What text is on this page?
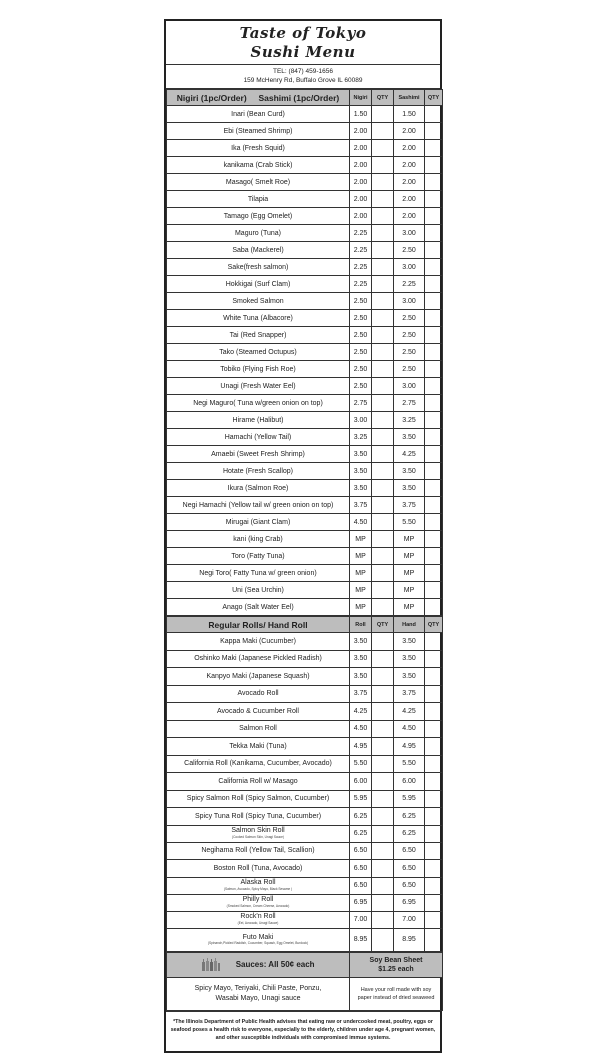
Taste of Tokyo
Sushi Menu
TEL: (847) 459-1656
159 McHenry Rd, Buffalo Grove IL 60089
Nigiri (1pc/Order) Sashimi (1pc/Order)	Nigiri	QTY	Sashimi	QTY
Inari (Bean Curd)	1.50		1.50	
Ebi (Steamed Shrimp)	2.00		2.00	
Ika (Fresh Squid)	2.00		2.00	
kanikama (Crab Stick)	2.00		2.00	
Masago( Smelt Roe)	2.00		2.00	
Tilapia	2.00		2.00	
Tamago (Egg Omelet)	2.00		2.00	
Maguro (Tuna)	2.25		3.00	
Saba (Mackerel)	2.25		2.50	
Sake(fresh salmon)	2.25		3.00	
Hokkigai (Surf Clam)	2.25		2.25	
Smoked Salmon	2.50		3.00	
White Tuna (Albacore)	2.50		2.50	
Tai (Red Snapper)	2.50		2.50	
Tako (Steamed Octupus)	2.50		2.50	
Tobiko (Flying Fish Roe)	2.50		2.50	
Unagi (Fresh Water Eel)	2.50		3.00	
Negi Maguro( Tuna w/green onion on top)	2.75		2.75	
Hirame (Halibut)	3.00		3.25	
Hamachi (Yellow Tail)	3.25		3.50	
Amaebi (Sweet Fresh Shrimp)	3.50		4.25	
Hotate (Fresh Scallop)	3.50		3.50	
Ikura (Salmon Roe)	3.50		3.50	
Negi Hamachi (Yellow tail w/ green onion on top)	3.75		3.75	
Mirugai (Giant Clam)	4.50		5.50	
kani (king Crab)	MP		MP	
Toro (Fatty Tuna)	MP		MP	
Negi Toro( Fatty Tuna w/ green onion)	MP		MP	
Uni (Sea Urchin)	MP		MP	
Anago (Salt Water Eel)	MP		MP	
Regular Rolls/ Hand Roll	Roll	QTY	Hand	QTY
Kappa Maki (Cucumber)	3.50		3.50	
Oshinko Maki (Japanese Pickled Radish)	3.50		3.50	
Kanpyo Maki (Japanese Squash)	3.50		3.50	
Avocado Roll	3.75		3.75	
Avocado & Cucumber Roll	4.25		4.25	
Salmon Roll	4.50		4.50	
Tekka Maki (Tuna)	4.95		4.95	
California Roll (Kanikama, Cucumber, Avocado)	5.50		5.50	
California Roll w/ Masago	6.00		6.00	
Spicy Salmon Roll (Spicy Salmon, Cucumber)	5.95		5.95	
Spicy Tuna Roll (Spicy Tuna, Cucumber)	6.25		6.25	
Salmon Skin Roll
(Cooked Salmon Skin, Unagi Sauce)	6.25		6.25	
Negihama Roll (Yellow Tail, Scallion)	6.50		6.50	
Boston Roll (Tuna, Avocado)	6.50		6.50	
Alaska Roll
(Salmon, Avocado, Spicy Mayo, Black Sesame )	6.50		6.50	
Philly Roll
(Smoked Salmon, Cream Cheese, Avocado)	6.95		6.95	
Rock'n Roll
(Eel, Avocado, Unagi Sauce)	7.00		7.00	
Futo Maki
(Spinanch,Pickled Raddish, Cucumber, Squash, Egg Omelet, Burdock)	8.95		8.95	
Sauces: All 50¢ each	Soy Bean Sheet
$1.25 each

Spicy Mayo, Teriyaki, Chili Paste, Ponzu, Wasabi Mayo, Unagi sauce	Have your roll made with soy paper instead of dried seaweed
*The Illinois Department of Public Health advises that eating raw or undercooked meat, poultry, eggs or seafood poses a health risk to everyone, especially to the elderly, children under age 4, pregnant women, and other susceptible individuals with compromised immue systems.
